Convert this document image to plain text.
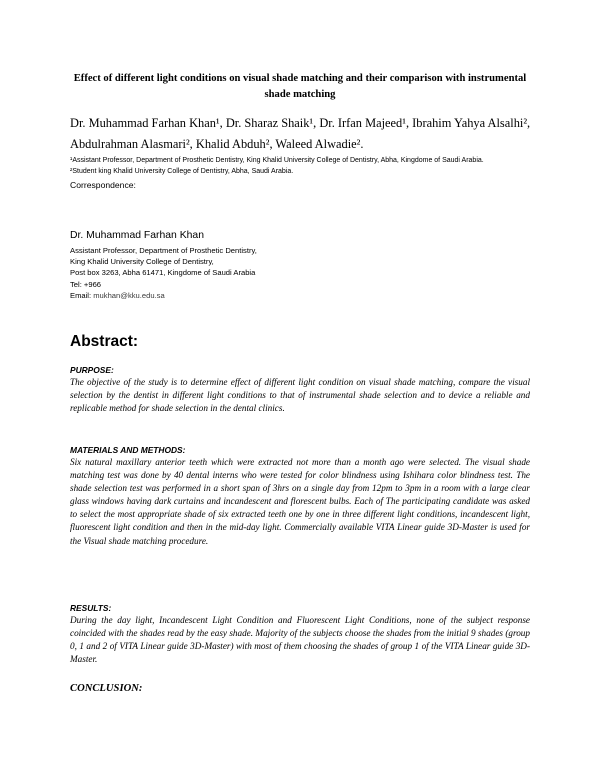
Effect of different light conditions on visual shade matching and their comparison with instrumental shade matching
Dr. Muhammad Farhan Khan¹, Dr. Sharaz Shaik¹, Dr. Irfan Majeed¹, Ibrahim Yahya Alsalhi²,
Abdulrahman Alasmari², Khalid Abduh², Waleed Alwadie².
¹Assistant Professor, Department of Prosthetic Dentistry, King Khalid University College of Dentistry, Abha, Kingdome of Saudi Arabia.
²Student king Khalid University College of Dentistry, Abha, Saudi Arabia.
Correspondence:
Dr. Muhammad Farhan Khan
Assistant Professor, Department of Prosthetic Dentistry,
King Khalid University College of Dentistry,
Post box 3263, Abha 61471, Kingdome of Saudi Arabia
Tel: +966
Email: mukhan@kku.edu.sa
Abstract:
PURPOSE:

The objective of the study is to determine effect of different light condition on visual shade matching, compare the visual selection by the dentist in different light conditions to that of instrumental shade selection and to device a reliable and replicable method for shade selection in the dental clinics.

MATERIALS AND METHODS:

Six natural maxillary anterior teeth which were extracted not more than a month ago were selected. The visual shade matching test was done by 40 dental interns who were tested for color blindness using Ishihara color blindness test. The shade selection test was performed in a short span of 3hrs on a single day from 12pm to 3pm in a room with a large clear glass windows having dark curtains and incandescent and florescent bulbs. Each of The participating candidate was asked to select the most appropriate shade of six extracted teeth one by one in three different light conditions, incandescent light, fluorescent light condition and then in the mid-day light. Commercially available VITA Linear guide 3D-Master is used for the Visual shade matching procedure.

RESULTS:

During the day light, Incandescent Light Condition and Fluorescent Light Conditions, none of the subject response coincided with the shades read by the easy shade. Majority of the subjects choose the shades from the initial 9 shades (group 0, 1 and 2 of VITA Linear guide 3D-Master) with most of them choosing the shades of group 1 of the VITA Linear guide 3D-Master.

CONCLUSION:
